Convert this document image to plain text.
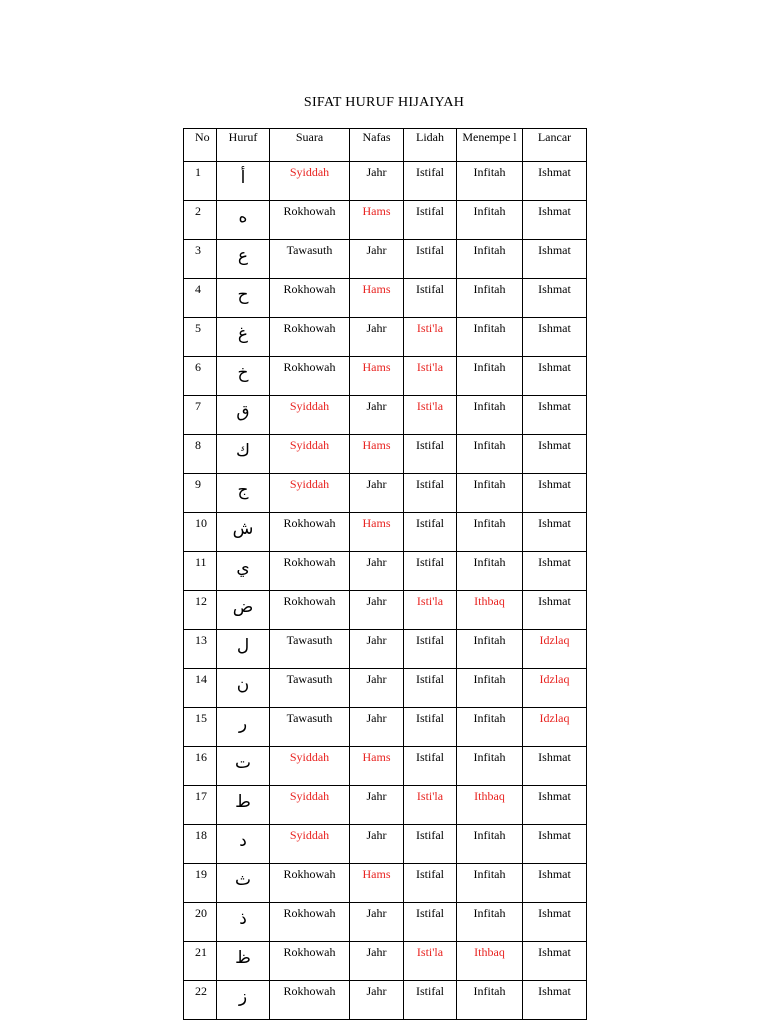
SIFAT HURUF HIJAIYAH
No	Huruf	Suara	Nafas	Lidah	Menempe l	Lancar
1	أ	Syiddah	Jahr	Istifal	Infitah	Ishmat
2	ه	Rokhowah	Hams	Istifal	Infitah	Ishmat
3	ع	Tawasuth	Jahr	Istifal	Infitah	Ishmat
4	ح	Rokhowah	Hams	Istifal	Infitah	Ishmat
5	غ	Rokhowah	Jahr	Isti'la	Infitah	Ishmat
6	خ	Rokhowah	Hams	Isti'la	Infitah	Ishmat
7	ق	Syiddah	Jahr	Isti'la	Infitah	Ishmat
8	ك	Syiddah	Hams	Istifal	Infitah	Ishmat
9	ج	Syiddah	Jahr	Istifal	Infitah	Ishmat
10	ش	Rokhowah	Hams	Istifal	Infitah	Ishmat
11	ي	Rokhowah	Jahr	Istifal	Infitah	Ishmat
12	ض	Rokhowah	Jahr	Isti'la	Ithbaq	Ishmat
13	ل	Tawasuth	Jahr	Istifal	Infitah	Idzlaq
14	ن	Tawasuth	Jahr	Istifal	Infitah	Idzlaq
15	ر	Tawasuth	Jahr	Istifal	Infitah	Idzlaq
16	ت	Syiddah	Hams	Istifal	Infitah	Ishmat
17	ط	Syiddah	Jahr	Isti'la	Ithbaq	Ishmat
18	د	Syiddah	Jahr	Istifal	Infitah	Ishmat
19	ث	Rokhowah	Hams	Istifal	Infitah	Ishmat
20	ذ	Rokhowah	Jahr	Istifal	Infitah	Ishmat
21	ظ	Rokhowah	Jahr	Isti'la	Ithbaq	Ishmat
22	ز	Rokhowah	Jahr	Istifal	Infitah	Ishmat
